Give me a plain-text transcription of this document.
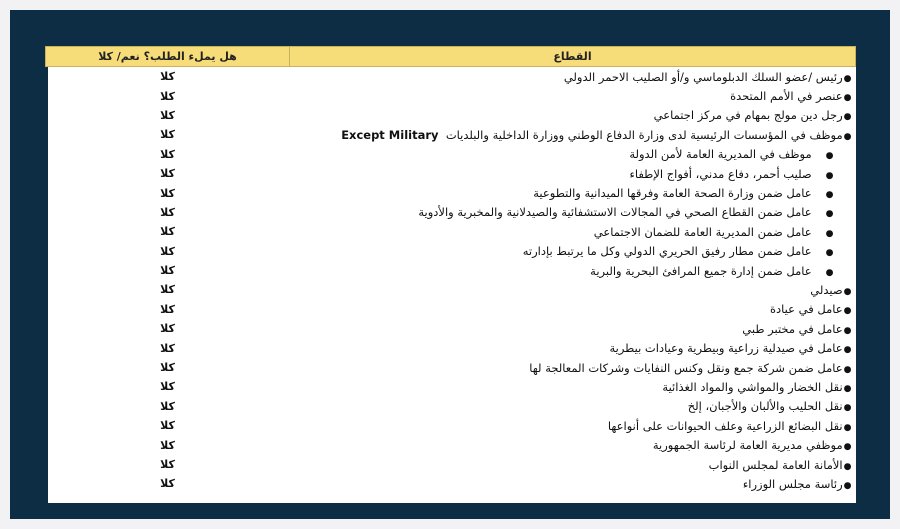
القطاع	هل يملء الطلب؟ نعم/ كلا
●رئيس /عضو السلك الدبلوماسي و/أو الصليب الاحمر الدولي	كلا
●عنصر في الأمم المتحدة	كلا
●رجل دين مولج بمهام في مركز اجتماعي	كلا
●موظف في المؤسسات الرئيسية لدى وزارة الدفاع الوطني ووزارة الداخلية والبلديات  Except Military	كلا
●موظف في المديرية العامة لأمن الدولة	كلا
●صليب أحمر، دفاع مدني، أفواج الإطفاء	كلا
●عامل ضمن وزارة الصحة العامة وفرقها الميدانية والتطوعية	كلا
●عامل ضمن القطاع الصحي في المجالات الاستشفائية والصيدلانية والمخبرية والأدوية	كلا
●عامل ضمن المديرية العامة للضمان الاجتماعي	كلا
●عامل ضمن مطار رفيق الحريري الدولي وكل ما يرتبط بإدارته	كلا
●عامل ضمن إدارة جميع المرافئ البحرية والبرية	كلا
●صيدلي	كلا
●عامل في عيادة	كلا
●عامل في مختبر طبي	كلا
●عامل في صيدلية زراعية وبيطرية وعيادات بيطرية	كلا
●عامل ضمن شركة جمع ونقل وكنس النفايات وشركات المعالجة لها	كلا
●نقل الخضار والمواشي والمواد الغذائية	كلا
●نقل الحليب والألبان والأجبان، إلخ	كلا
●نقل البضائع الزراعية وعلف الحيوانات على أنواعها	كلا
●موظفي مديرية العامة لرئاسة الجمهورية	كلا
●الأمانة العامة لمجلس النواب	كلا
●رئاسة مجلس الوزراء	كلا
